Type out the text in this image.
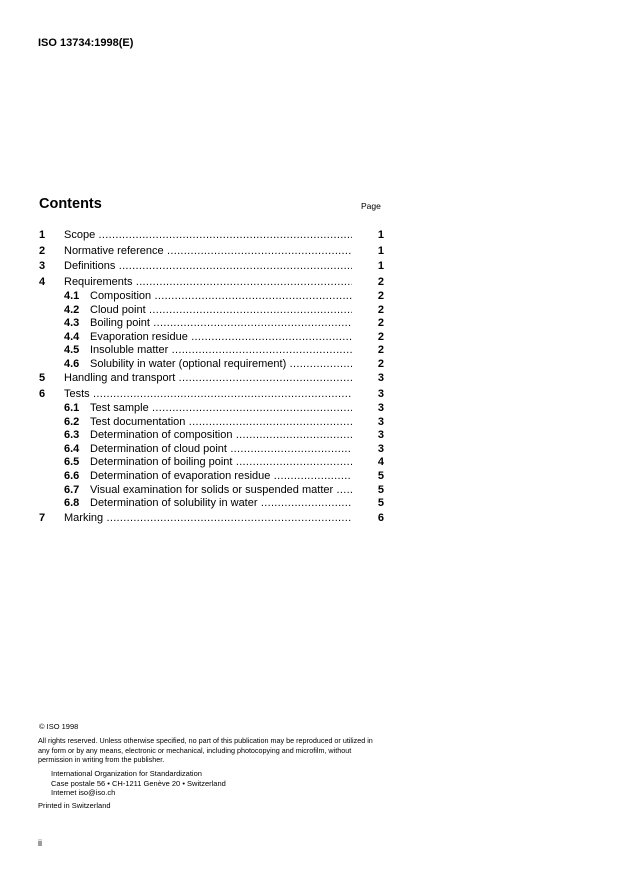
ISO 13734:1998(E)
Contents	Page
1 Scope .....	1
2 Normative reference .....	1
3 Definitions .....	1
4 Requirements .....	2
4.1 Composition .....	2
4.2 Cloud point .....	2
4.3 Boiling point .....	2
4.4 Evaporation residue .....	2
4.5 Insoluble matter .....	2
4.6 Solubility in water (optional requirement) .....	2
5 Handling and transport .....	3
6 Tests .....	3
6.1 Test sample .....	3
6.2 Test documentation .....	3
6.3 Determination of composition .....	3
6.4 Determination of cloud point .....	3
6.5 Determination of boiling point .....	4
6.6 Determination of evaporation residue .....	5
6.7 Visual examination for solids or suspended matter .....	5
6.8 Determination of solubility in water .....	5
7 Marking .....	6
© ISO 1998
All rights reserved. Unless otherwise specified, no part of this publication may be reproduced or utilized in any form or by any means, electronic or mechanical, including photocopying and microfilm, without permission in writing from the publisher.
International Organization for Standardization
Case postale 56 • CH-1211 Genève 20 • Switzerland
Internet iso@iso.ch
Printed in Switzerland
ii
